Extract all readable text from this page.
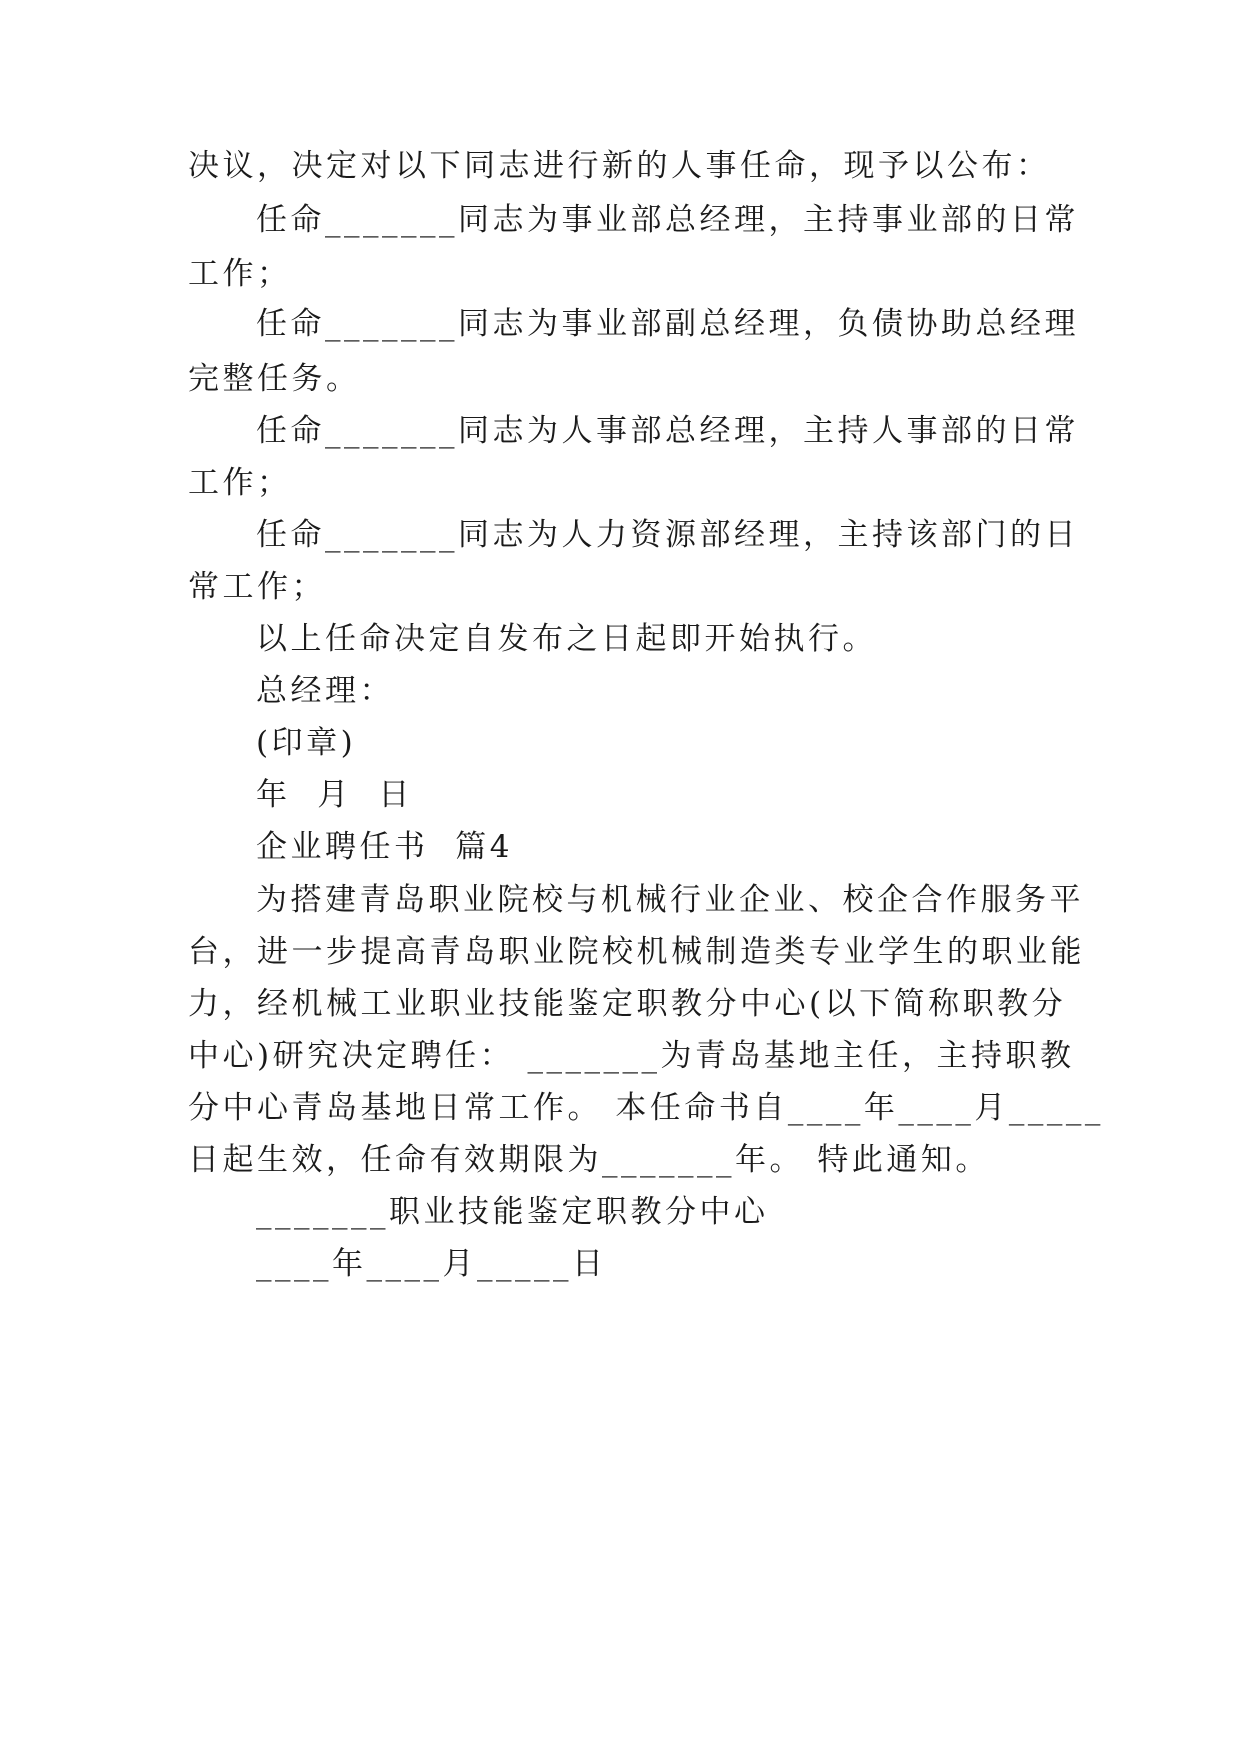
决议，决定对以下同志进行新的人事任命，现予以公布：
任命_______同志为事业部总经理，主持事业部的日常
工作；
任命_______同志为事业部副总经理，负债协助总经理
完整任务。
任命_______同志为人事部总经理，主持人事部的日常
工作；
任命_______同志为人力资源部经理，主持该部门的日
常工作；
以上任命决定自发布之日起即开始执行。
总经理：
(印章)
年  月  日
企业聘任书  篇4
为搭建青岛职业院校与机械行业企业、校企合作服务平
台，进一步提高青岛职业院校机械制造类专业学生的职业能
力，经机械工业职业技能鉴定职教分中心(以下简称职教分
中心)研究决定聘任： _______为青岛基地主任，主持职教
分中心青岛基地日常工作。 本任命书自____年____月_____
日起生效，任命有效期限为_______年。 特此通知。
_______职业技能鉴定职教分中心
____年____月_____日
